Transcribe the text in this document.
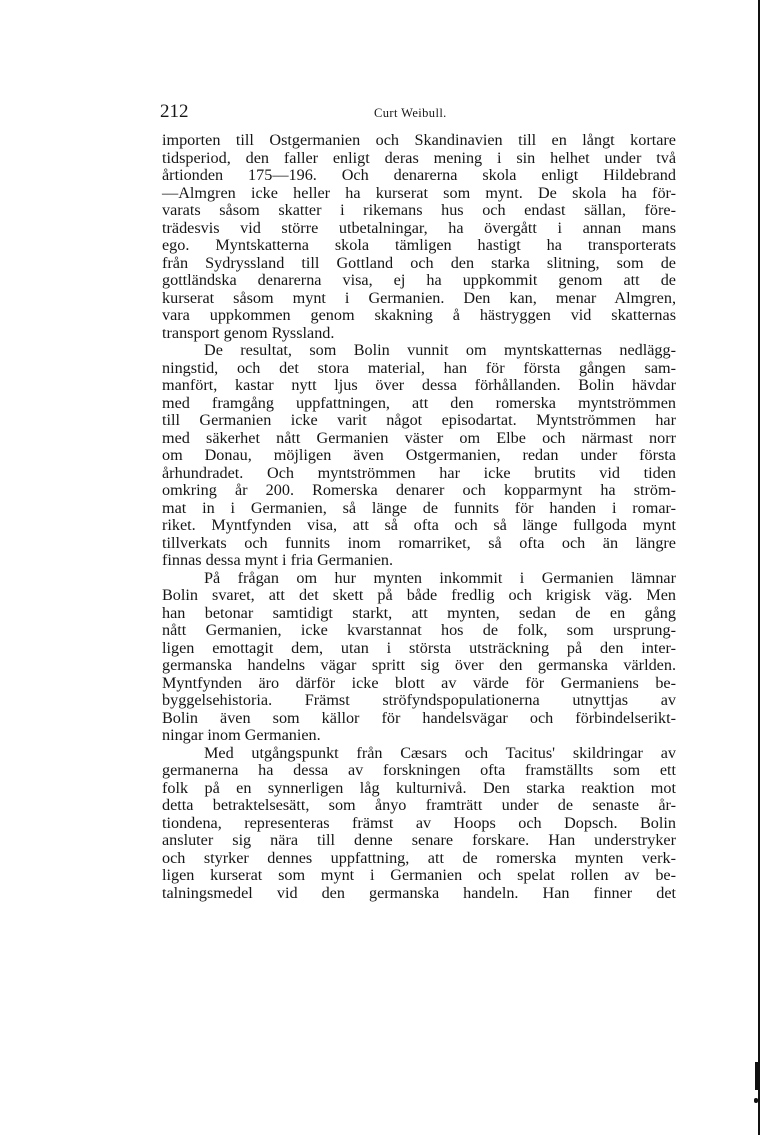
212	Curt Weibull.

importen till Ostgermanien och Skandinavien till en långt kortare
tidsperiod, den faller enligt deras mening i sin helhet under två
årtionden 175—196. Och denarerna skola enligt Hildebrand
—Almgren icke heller ha kurserat som mynt. De skola ha för-
varats såsom skatter i rikemans hus och endast sällan, före-
trädesvis vid större utbetalningar, ha övergått i annan mans
ego. Myntskatterna skola tämligen hastigt ha transporterats
från Sydryssland till Gottland och den starka slitning, som de
gottländska denarerna visa, ej ha uppkommit genom att de
kurserat såsom mynt i Germanien. Den kan, menar Almgren,
vara uppkommen genom skakning å hästryggen vid skatternas
transport genom Ryssland.

De resultat, som Bolin vunnit om myntskatternas nedlägg-
ningstid, och det stora material, han för första gången sam-
manfört, kastar nytt ljus över dessa förhållanden. Bolin hävdar
med framgång uppfattningen, att den romerska myntströmmen
till Germanien icke varit något episodartat. Myntströmmen har
med säkerhet nått Germanien väster om Elbe och närmast norr
om Donau, möjligen även Ostgermanien, redan under första
århundradet. Och myntströmmen har icke brutits vid tiden
omkring år 200. Romerska denarer och kopparmynt ha ström-
mat in i Germanien, så länge de funnits för handen i romar-
riket. Myntfynden visa, att så ofta och så länge fullgoda mynt
tillverkats och funnits inom romarriket, så ofta och än längre
finnas dessa mynt i fria Germanien.

På frågan om hur mynten inkommit i Germanien lämnar
Bolin svaret, att det skett på både fredlig och krigisk väg. Men
han betonar samtidigt starkt, att mynten, sedan de en gång
nått Germanien, icke kvarstannat hos de folk, som ursprung-
ligen emottagit dem, utan i största utsträckning på den inter-
germanska handelns vägar spritt sig över den germanska världen.
Myntfynden äro därför icke blott av värde för Germaniens be-
byggelsehistoria. Främst ströfyndspopulationerna utnyttjas av
Bolin även som källor för handelsvägar och förbindelserikt-
ningar inom Germanien.

Med utgångspunkt från Cæsars och Tacitus' skildringar av
germanerna ha dessa av forskningen ofta framställts som ett
folk på en synnerligen låg kulturnivå. Den starka reaktion mot
detta betraktelsesätt, som ånyo framträtt under de senaste år-
tiondena, representeras främst av Hoops och Dopsch. Bolin
ansluter sig nära till denne senare forskare. Han understryker
och styrker dennes uppfattning, att de romerska mynten verk-
ligen kurserat som mynt i Germanien och spelat rollen av be-
talningsmedel vid den germanska handeln. Han finner det
